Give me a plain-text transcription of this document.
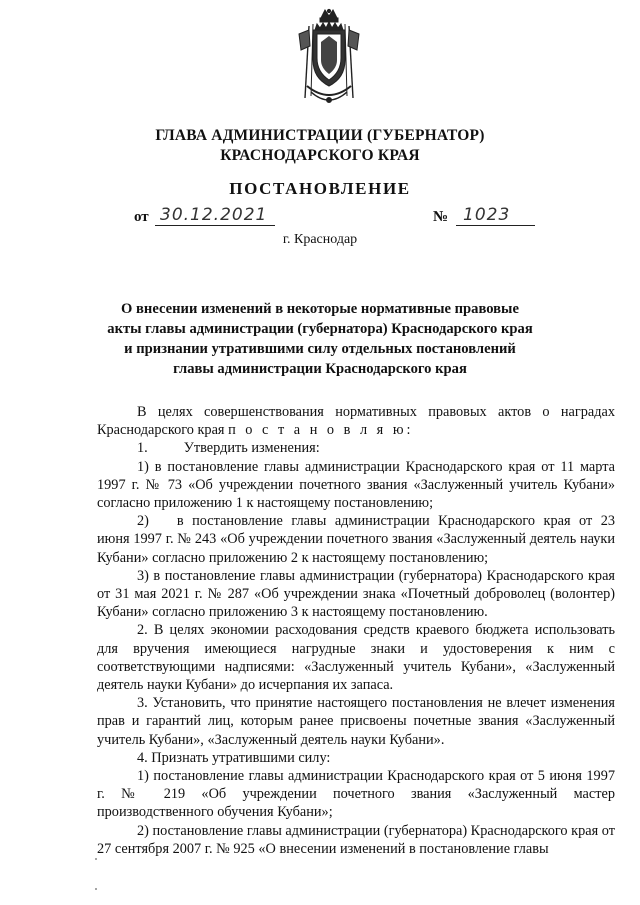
ГЛАВА АДМИНИСТРАЦИИ (ГУБЕРНАТОР)
КРАСНОДАРСКОГО КРАЯ
ПОСТАНОВЛЕНИЕ
от 30.12.2021	№ 1023
г. Краснодар
О внесении изменений в некоторые нормативные правовые
акты главы администрации (губернатора) Краснодарского края
и признании утратившими силу отдельных постановлений
главы администрации Краснодарского края

В целях совершенствования нормативных правовых актов о наградах Краснодарского края п о с т а н о в л я ю:

1.	Утвердить изменения:

1) в постановление главы администрации Краснодарского края от 11 марта 1997 г. № 73 «Об учреждении почетного звания «Заслуженный учитель Кубани» согласно приложению 1 к настоящему постановлению;

2) в постановление главы администрации Краснодарского края от 23 июня 1997 г. № 243 «Об учреждении почетного звания «Заслуженный деятель науки Кубани» согласно приложению 2 к настоящему постановлению;

3) в постановление главы администрации (губернатора) Краснодарского края от 31 мая 2021 г. № 287 «Об учреждении знака «Почетный доброволец (волонтер) Кубани» согласно приложению 3 к настоящему постановлению.

2. В целях экономии расходования средств краевого бюджета использовать для вручения имеющиеся нагрудные знаки и удостоверения к ним с соответствующими надписями: «Заслуженный учитель Кубани», «Заслуженный деятель науки Кубани» до исчерпания их запаса.

3. Установить, что принятие настоящего постановления не влечет изменения прав и гарантий лиц, которым ранее присвоены почетные звания «Заслуженный учитель Кубани», «Заслуженный деятель науки Кубани».

4. Признать утратившими силу:

1) постановление главы администрации Краснодарского края от 5 июня 1997 г. № 219 «Об учреждении почетного звания «Заслуженный мастер производственного обучения Кубани»;

2) постановление главы администрации (губернатора) Краснодарского края от 27 сентября 2007 г. № 925 «О внесении изменений в постановление главы
